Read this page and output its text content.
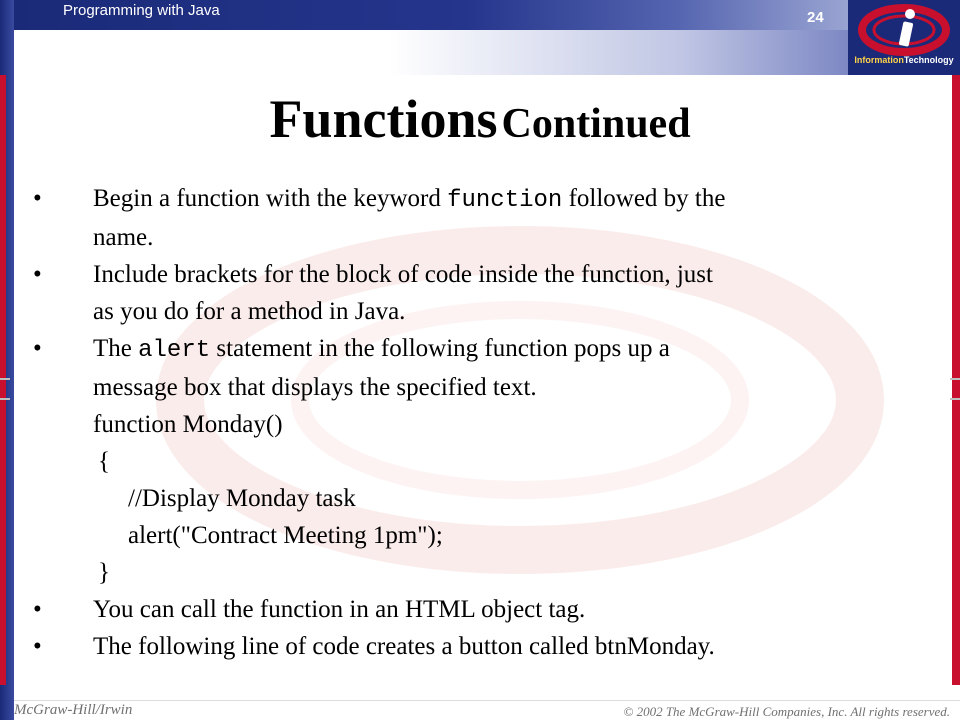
Programming with Java	24
InformationTechnology
Functions Continued
• Begin a function with the keyword function followed by the
name.
• Include brackets for the block of code inside the function, just
as you do for a method in Java.
• The alert statement in the following function pops up a
message box that displays the specified text.
function Monday()
{
//Display Monday task
alert("Contract Meeting 1pm");
}
• You can call the function in an HTML object tag.
• The following line of code creates a button called btnMonday.
McGraw-Hill/Irwin	© 2002 The McGraw-Hill Companies, Inc. All rights reserved.
